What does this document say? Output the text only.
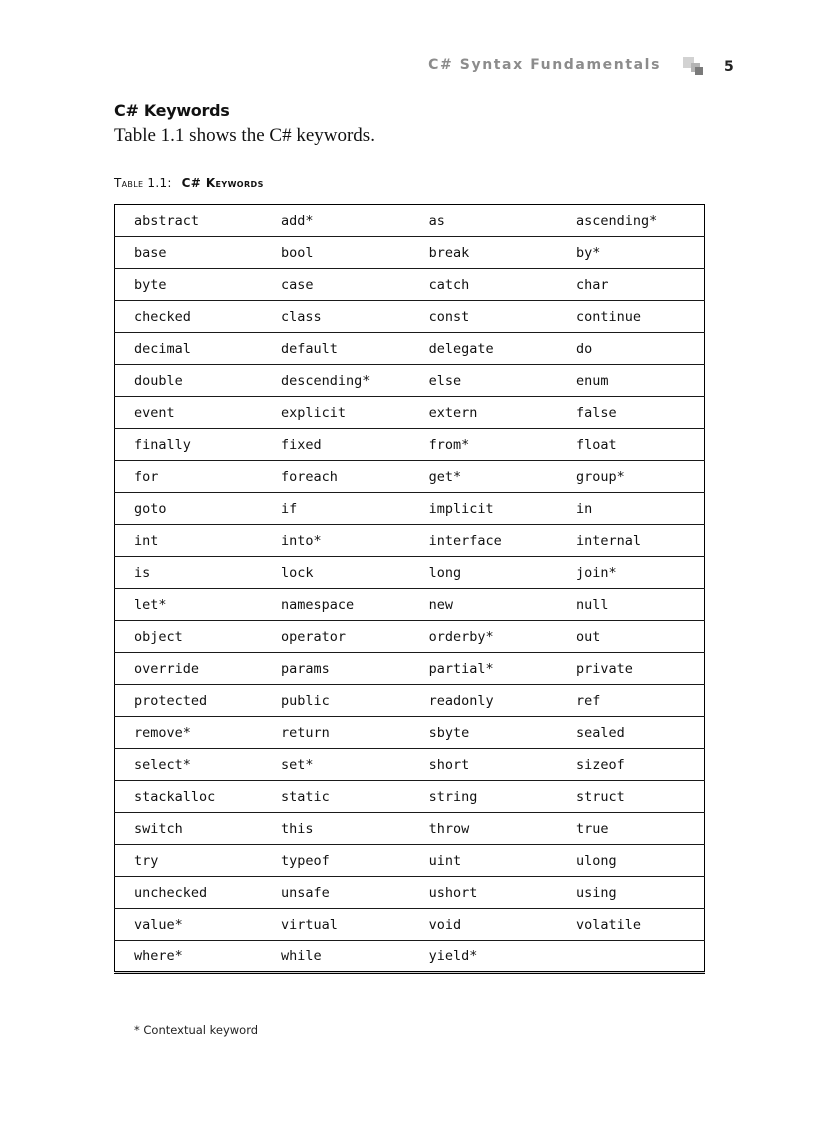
C# Syntax Fundamentals	5
C# Keywords

Table 1.1 shows the C# keywords.

Table 1.1: C# Keywords
abstract	add*	as	ascending*
base	bool	break	by*
byte	case	catch	char
checked	class	const	continue
decimal	default	delegate	do
double	descending*	else	enum
event	explicit	extern	false
finally	fixed	from*	float
for	foreach	get*	group*
goto	if	implicit	in
int	into*	interface	internal
is	lock	long	join*
let*	namespace	new	null
object	operator	orderby*	out
override	params	partial*	private
protected	public	readonly	ref
remove*	return	sbyte	sealed
select*	set*	short	sizeof
stackalloc	static	string	struct
switch	this	throw	true
try	typeof	uint	ulong
unchecked	unsafe	ushort	using
value*	virtual	void	volatile
where*	while	yield*	
* Contextual keyword
